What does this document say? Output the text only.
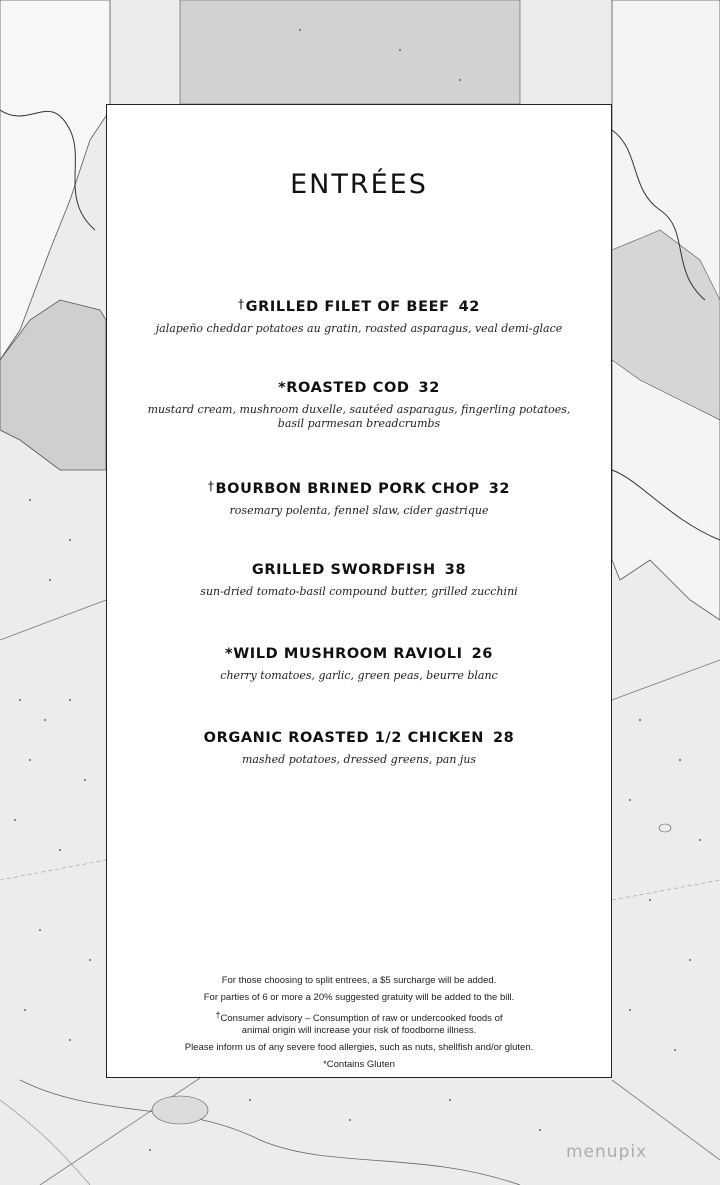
ENTRÉES
†GRILLED FILET OF BEEF 42
jalapeño cheddar potatoes au gratin, roasted asparagus, veal demi-glace
*ROASTED COD 32
mustard cream, mushroom duxelle, sautéed asparagus, fingerling potatoes,
basil parmesan breadcrumbs
†BOURBON BRINED PORK CHOP 32
rosemary polenta, fennel slaw, cider gastrique
GRILLED SWORDFISH 38
sun-dried tomato-basil compound butter, grilled zucchini
*WILD MUSHROOM RAVIOLI 26
cherry tomatoes, garlic, green peas, beurre blanc
ORGANIC ROASTED 1/2 CHICKEN 28
mashed potatoes, dressed greens, pan jus

For those choosing to split entrees, a $5 surcharge will be added.

For parties of 6 or more a 20% suggested gratuity will be added to the bill.

†Consumer advisory – Consumption of raw or undercooked foods of
animal origin will increase your risk of foodborne illness.

Please inform us of any severe food allergies, such as nuts, shellfish and/or gluten.

*Contains Gluten

menupix
